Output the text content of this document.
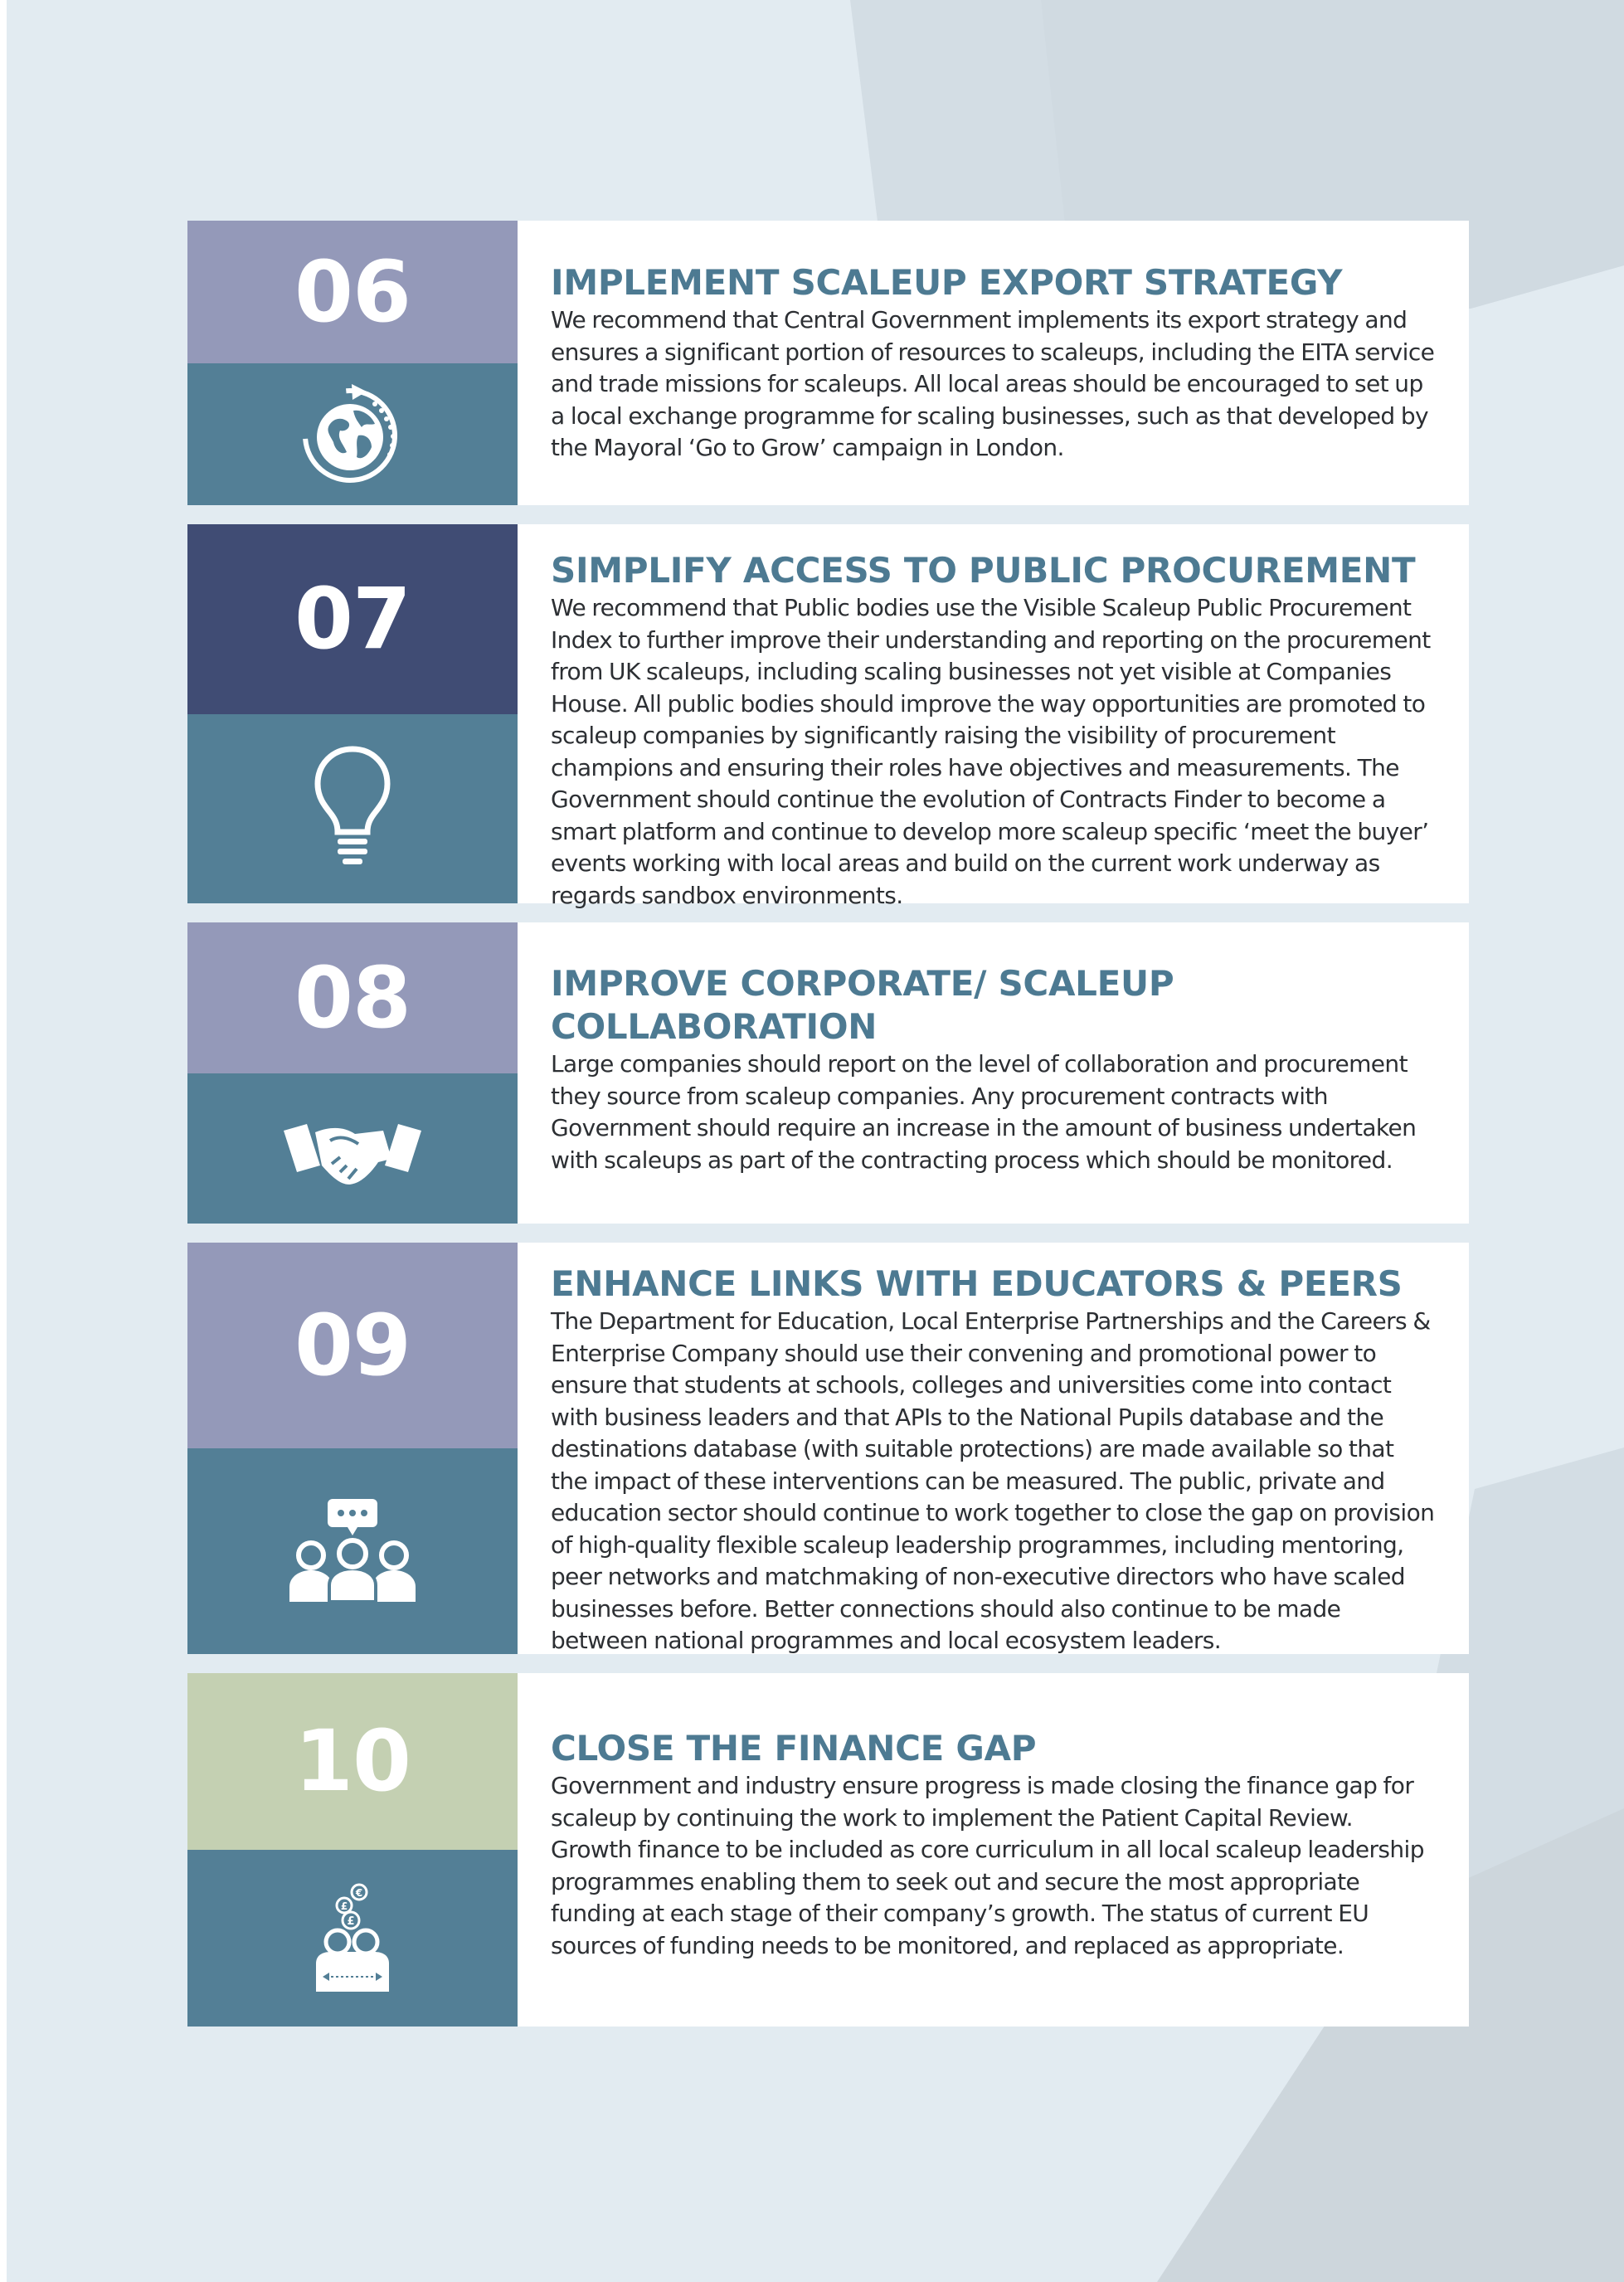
06	IMPLEMENT SCALEUP EXPORT STRATEGY

We recommend that Central Government implements its export strategy and ensures a significant portion of resources to scaleups, including the EITA service and trade missions for scaleups. All local areas should be encouraged to set up a local exchange programme for scaling businesses, such as that developed by the Mayoral ‘Go to Grow’ campaign in London.

07	SIMPLIFY ACCESS TO PUBLIC PROCUREMENT

We recommend that Public bodies use the Visible Scaleup Public Procurement Index to further improve their understanding and reporting on the procurement from UK scaleups, including scaling businesses not yet visible at Companies House. All public bodies should improve the way opportunities are promoted to scaleup companies by significantly raising the visibility of procurement champions and ensuring their roles have objectives and measurements. The Government should continue the evolution of Contracts Finder to become a smart platform and continue to develop more scaleup specific ‘meet the buyer’ events working with local areas and build on the current work underway as regards sandbox environments.

08	IMPROVE CORPORATE/ SCALEUP COLLABORATION

Large companies should report on the level of collaboration and procurement they source from scaleup companies. Any procurement contracts with Government should require an increase in the amount of business undertaken with scaleups as part of the contracting process which should be monitored.

09
ENHANCE LINKS WITH EDUCATORS & PEERS

The Department for Education, Local Enterprise Partnerships and the Careers & Enterprise Company should use their convening and promotional power to ensure that students at schools, colleges and universities come into contact with business leaders and that APIs to the National Pupils database and the destinations database (with suitable protections) are made available so that the impact of these interventions can be measured. The public, private and education sector should continue to work together to close the gap on provision of high-quality flexible scaleup leadership programmes, including mentoring, peer networks and matchmaking of non-executive directors who have scaled businesses before. Better connections should also continue to be made between national programmes and local ecosystem leaders.

10
€
£
£
CLOSE THE FINANCE GAP

Government and industry ensure progress is made closing the finance gap for scaleup by continuing the work to implement the Patient Capital Review. Growth finance to be included as core curriculum in all local scaleup leadership programmes enabling them to seek out and secure the most appropriate funding at each stage of their company’s growth. The status of current EU sources of funding needs to be monitored, and replaced as appropriate.
